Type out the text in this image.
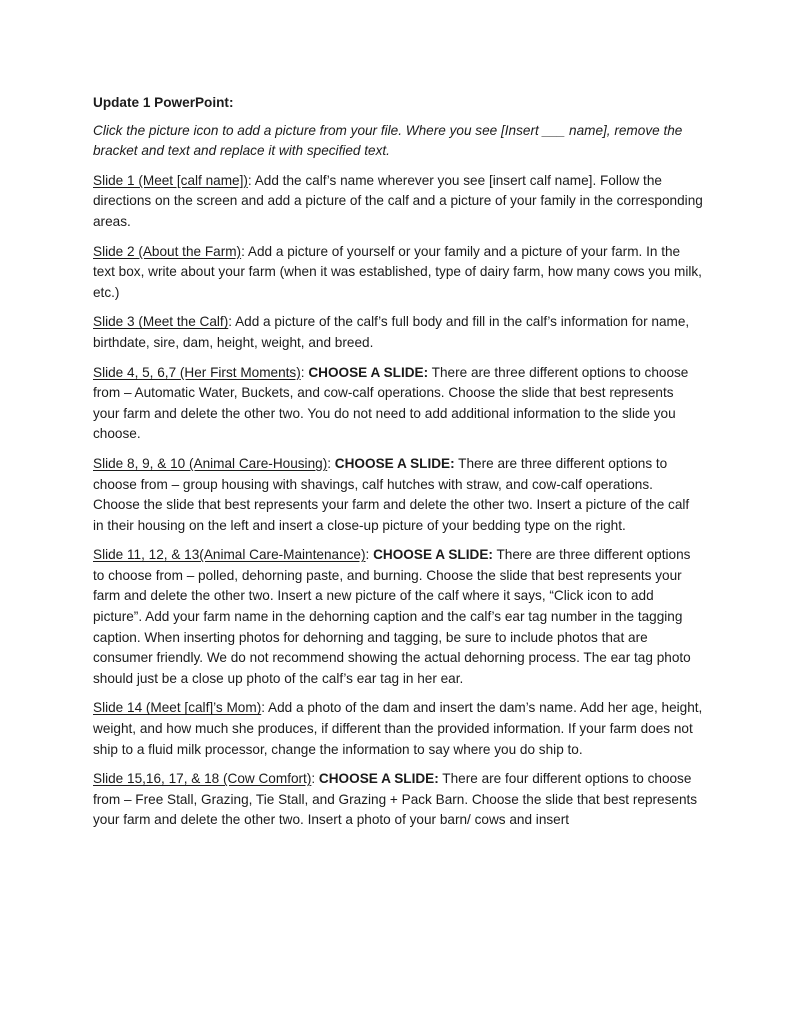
Update 1 PowerPoint:

Click the picture icon to add a picture from your file. Where you see [Insert ___ name], remove the bracket and text and replace it with specified text.

Slide 1 (Meet [calf name]): Add the calf’s name wherever you see [insert calf name]. Follow the directions on the screen and add a picture of the calf and a picture of your family in the corresponding areas.

Slide 2 (About the Farm): Add a picture of yourself or your family and a picture of your farm. In the text box, write about your farm (when it was established, type of dairy farm, how many cows you milk, etc.)

Slide 3 (Meet the Calf): Add a picture of the calf’s full body and fill in the calf’s information for name, birthdate, sire, dam, height, weight, and breed.

Slide 4, 5, 6,7 (Her First Moments): CHOOSE A SLIDE: There are three different options to choose from – Automatic Water, Buckets, and cow-calf operations. Choose the slide that best represents your farm and delete the other two. You do not need to add additional information to the slide you choose.

Slide 8, 9, & 10 (Animal Care-Housing): CHOOSE A SLIDE: There are three different options to choose from – group housing with shavings, calf hutches with straw, and cow-calf operations. Choose the slide that best represents your farm and delete the other two. Insert a picture of the calf in their housing on the left and insert a close-up picture of your bedding type on the right.

Slide 11, 12, & 13(Animal Care-Maintenance): CHOOSE A SLIDE: There are three different options to choose from – polled, dehorning paste, and burning. Choose the slide that best represents your farm and delete the other two. Insert a new picture of the calf where it says, “Click icon to add picture”. Add your farm name in the dehorning caption and the calf’s ear tag number in the tagging caption. When inserting photos for dehorning and tagging, be sure to include photos that are consumer friendly. We do not recommend showing the actual dehorning process. The ear tag photo should just be a close up photo of the calf’s ear tag in her ear.

Slide 14 (Meet [calf]’s Mom): Add a photo of the dam and insert the dam’s name. Add her age, height, weight, and how much she produces, if different than the provided information. If your farm does not ship to a fluid milk processor, change the information to say where you do ship to.

Slide 15,16, 17, & 18 (Cow Comfort): CHOOSE A SLIDE: There are four different options to choose from – Free Stall, Grazing, Tie Stall, and Grazing + Pack Barn. Choose the slide that best represents your farm and delete the other two. Insert a photo of your barn/ cows and insert
